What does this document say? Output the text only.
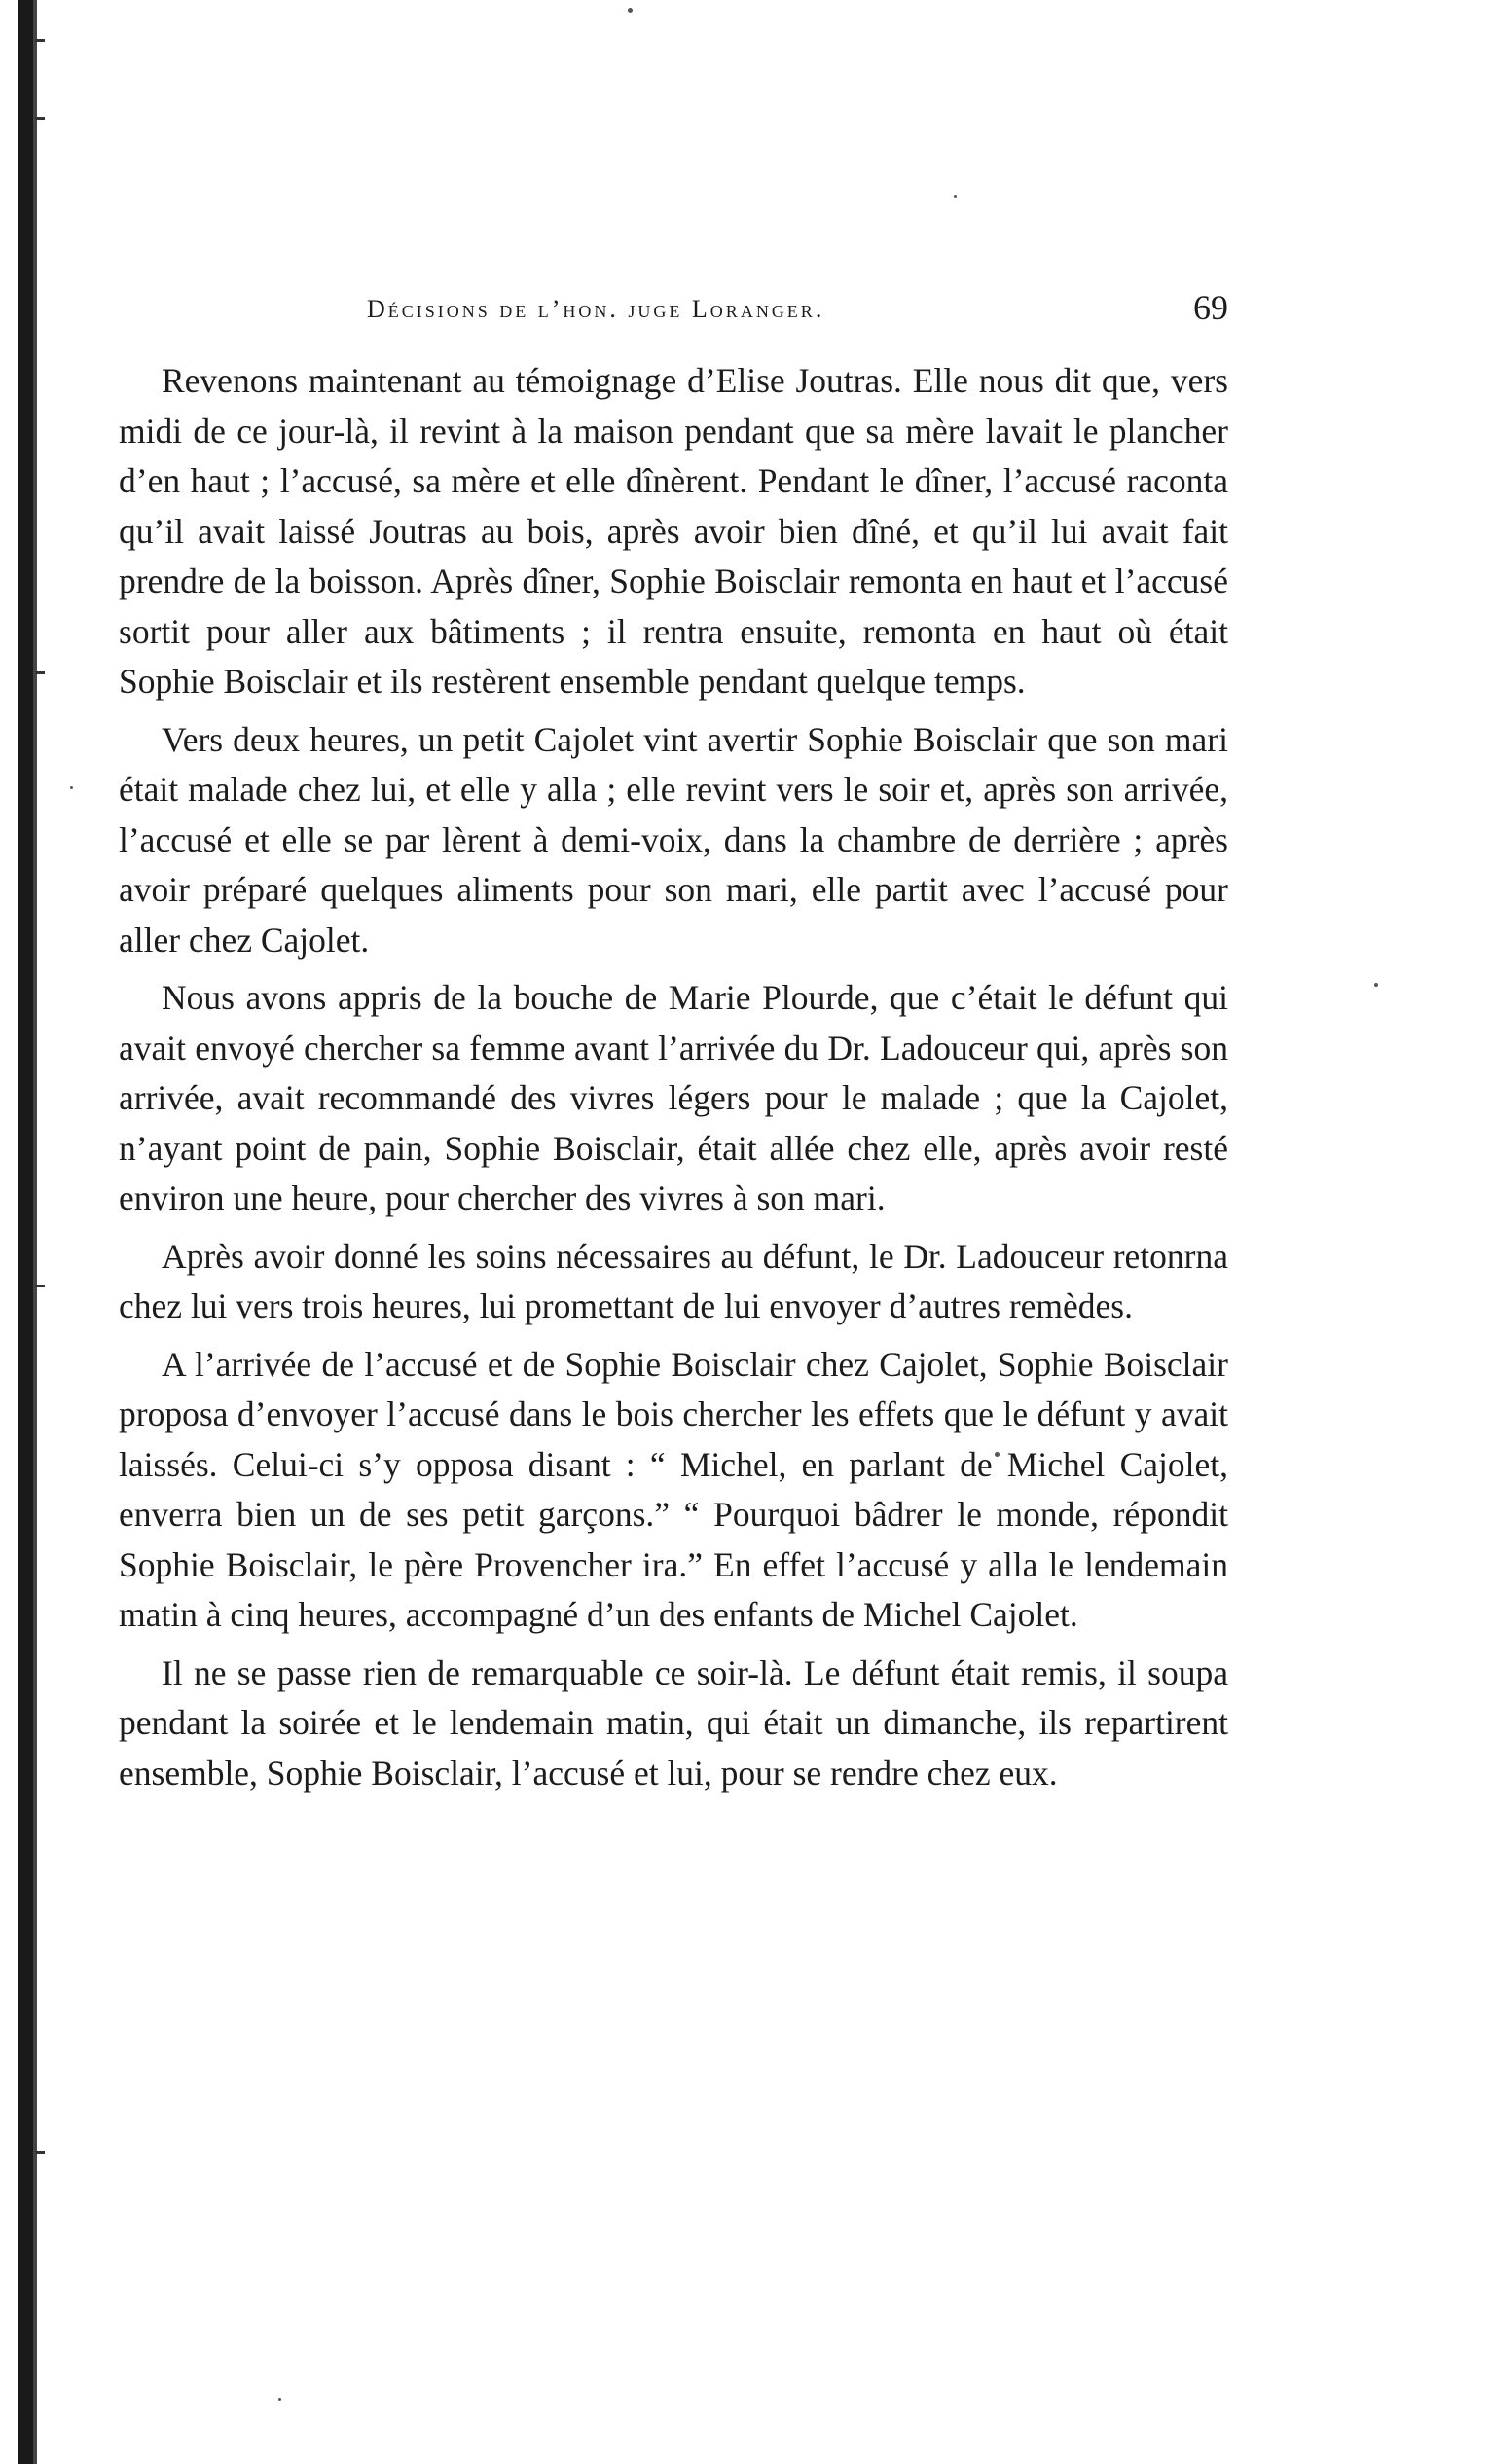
Décisions de l’hon. juge Loranger.	69

Revenons maintenant au témoignage d’Elise Joutras. Elle nous dit que, vers midi de ce jour-là, il revint à la maison pendant que sa mère lavait le plancher d’en haut ; l’accusé, sa mère et elle dînèrent. Pendant le dîner, l’accusé raconta qu’il avait laissé Joutras au bois, après avoir bien dîné, et qu’il lui avait fait prendre de la boisson. Après dîner, Sophie Boisclair remonta en haut et l’accusé sortit pour aller aux bâtiments ; il rentra ensuite, remonta en haut où était Sophie Boisclair et ils restèrent ensemble pendant quelque temps.

Vers deux heures, un petit Cajolet vint avertir Sophie Boisclair que son mari était malade chez lui, et elle y alla ; elle revint vers le soir et, après son arrivée, l’accusé et elle se par lèrent à demi-voix, dans la chambre de derrière ; après avoir préparé quelques aliments pour son mari, elle partit avec l’accusé pour aller chez Cajolet.

Nous avons appris de la bouche de Marie Plourde, que c’était le défunt qui avait envoyé chercher sa femme avant l’arrivée du Dr. Ladouceur qui, après son arrivée, avait recommandé des vivres légers pour le malade ; que la Cajolet, n’ayant point de pain, Sophie Boisclair, était allée chez elle, après avoir resté environ une heure, pour chercher des vivres à son mari.

Après avoir donné les soins nécessaires au défunt, le Dr. Ladouceur retonrna chez lui vers trois heures, lui promettant de lui envoyer d’autres remèdes.

A l’arrivée de l’accusé et de Sophie Boisclair chez Cajolet, Sophie Boisclair proposa d’envoyer l’accusé dans le bois chercher les effets que le défunt y avait laissés. Celui-ci s’y opposa disant : “ Michel, en parlant de Michel Cajolet, enverra bien un de ses petit garçons.” “ Pourquoi bâdrer le monde, répondit Sophie Boisclair, le père Provencher ira.” En effet l’accusé y alla le lendemain matin à cinq heures, accompagné d’un des enfants de Michel Cajolet.

Il ne se passe rien de remarquable ce soir-là. Le défunt était remis, il soupa pendant la soirée et le lendemain matin, qui était un dimanche, ils repartirent ensemble, Sophie Boisclair, l’accusé et lui, pour se rendre chez eux.
